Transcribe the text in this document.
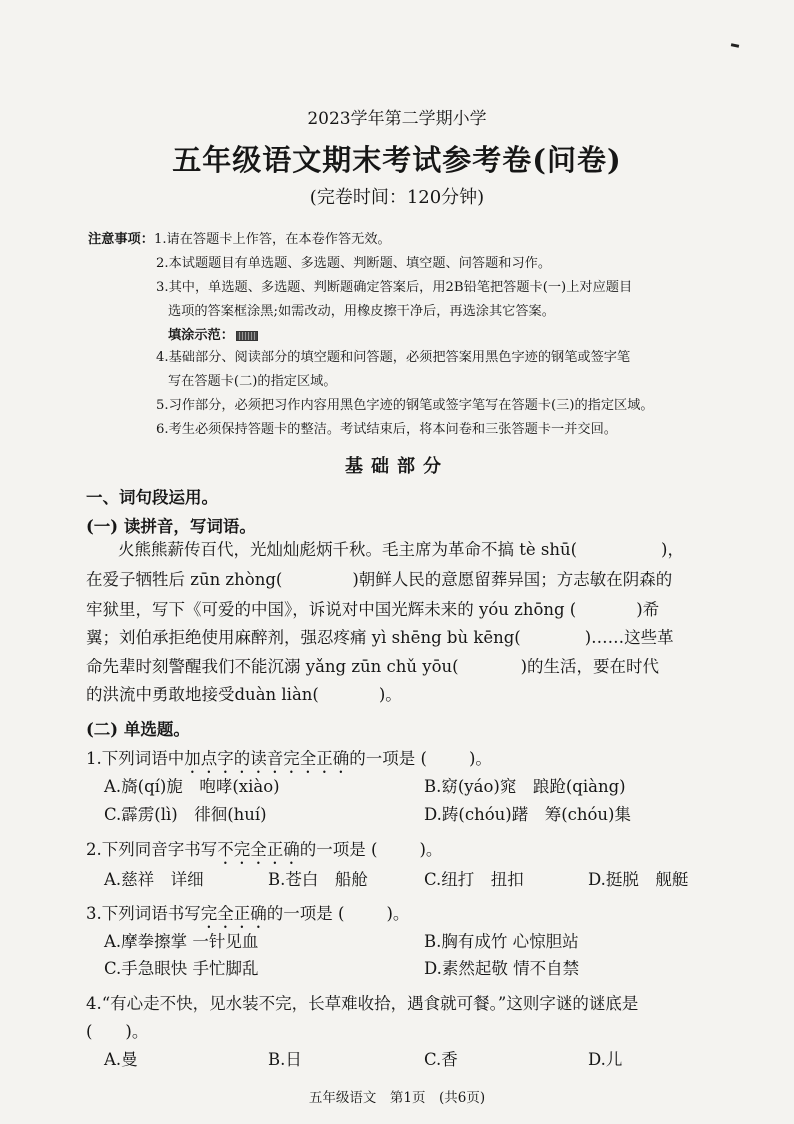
2023学年第二学期小学
五年级语文期末考试参考卷(问卷)
(完卷时间：120分钟)
注意事项：1.请在答题卡上作答，在本卷作答无效。
2.本试题题目有单选题、多选题、判断题、填空题、问答题和习作。
3.其中，单选题、多选题、判断题确定答案后，用2B铅笔把答题卡(一)上对应题目
选项的答案框涂黑;如需改动，用橡皮擦干净后，再选涂其它答案。
填涂示范：
4.基础部分、阅读部分的填空题和问答题，必须把答案用黑色字迹的钢笔或签字笔
写在答题卡(二)的指定区域。
5.习作部分，必须把习作内容用黑色字迹的钢笔或签字笔写在答题卡(三)的指定区域。
6.考生必须保持答题卡的整洁。考试结束后，将本问卷和三张答题卡一并交回。
基础部分
一、词句段运用。
(一) 读拼音，写词语。
火熊熊薪传百代，光灿灿彪炳千秋。毛主席为革命不搞 tè shū(	)，
在爱子牺牲后 zūn zhòng(	)朝鲜人民的意愿留葬异国；方志敏在阴森的
牢狱里，写下《可爱的中国》，诉说对中国光辉未来的 yóu zhōng (	)希
翼；刘伯承拒绝使用麻醉剂，强忍疼痛 yì shēng bù kēng(	)……这些革
命先辈时刻警醒我们不能沉溺 yǎng zūn chǔ yōu(	)的生活，要在时代
的洪流中勇敢地接受duàn liàn(	)。
(二) 单选题。
1.下列词语中加点字的读音完全正确的一项是 (	)。
A.旖(qí)旎　咆哮(xiào)	B.窈(yáo)窕　踉跄(qiàng)
C.霹雳(lì)　徘徊(huí)	D.踌(chóu)躇　筹(chóu)集
2.下列同音字书写不完全正确的一项是 (	)。
A.慈祥　详细	B.苍白　船舱	C.纽打　扭扣	D.挺脱　舰艇
3.下列词语书写完全正确的一项是 (	)。
A.摩拳擦掌 一针见血	B.胸有成竹 心惊胆站
C.手急眼快 手忙脚乱	D.素然起敬 情不自禁
4.“有心走不快，见水装不完，长草难收拾，遇食就可餐。”这则字谜的谜底是
(　　)。
A.曼	B.日	C.香	D.儿
五年级语文　第1页　(共6页)
